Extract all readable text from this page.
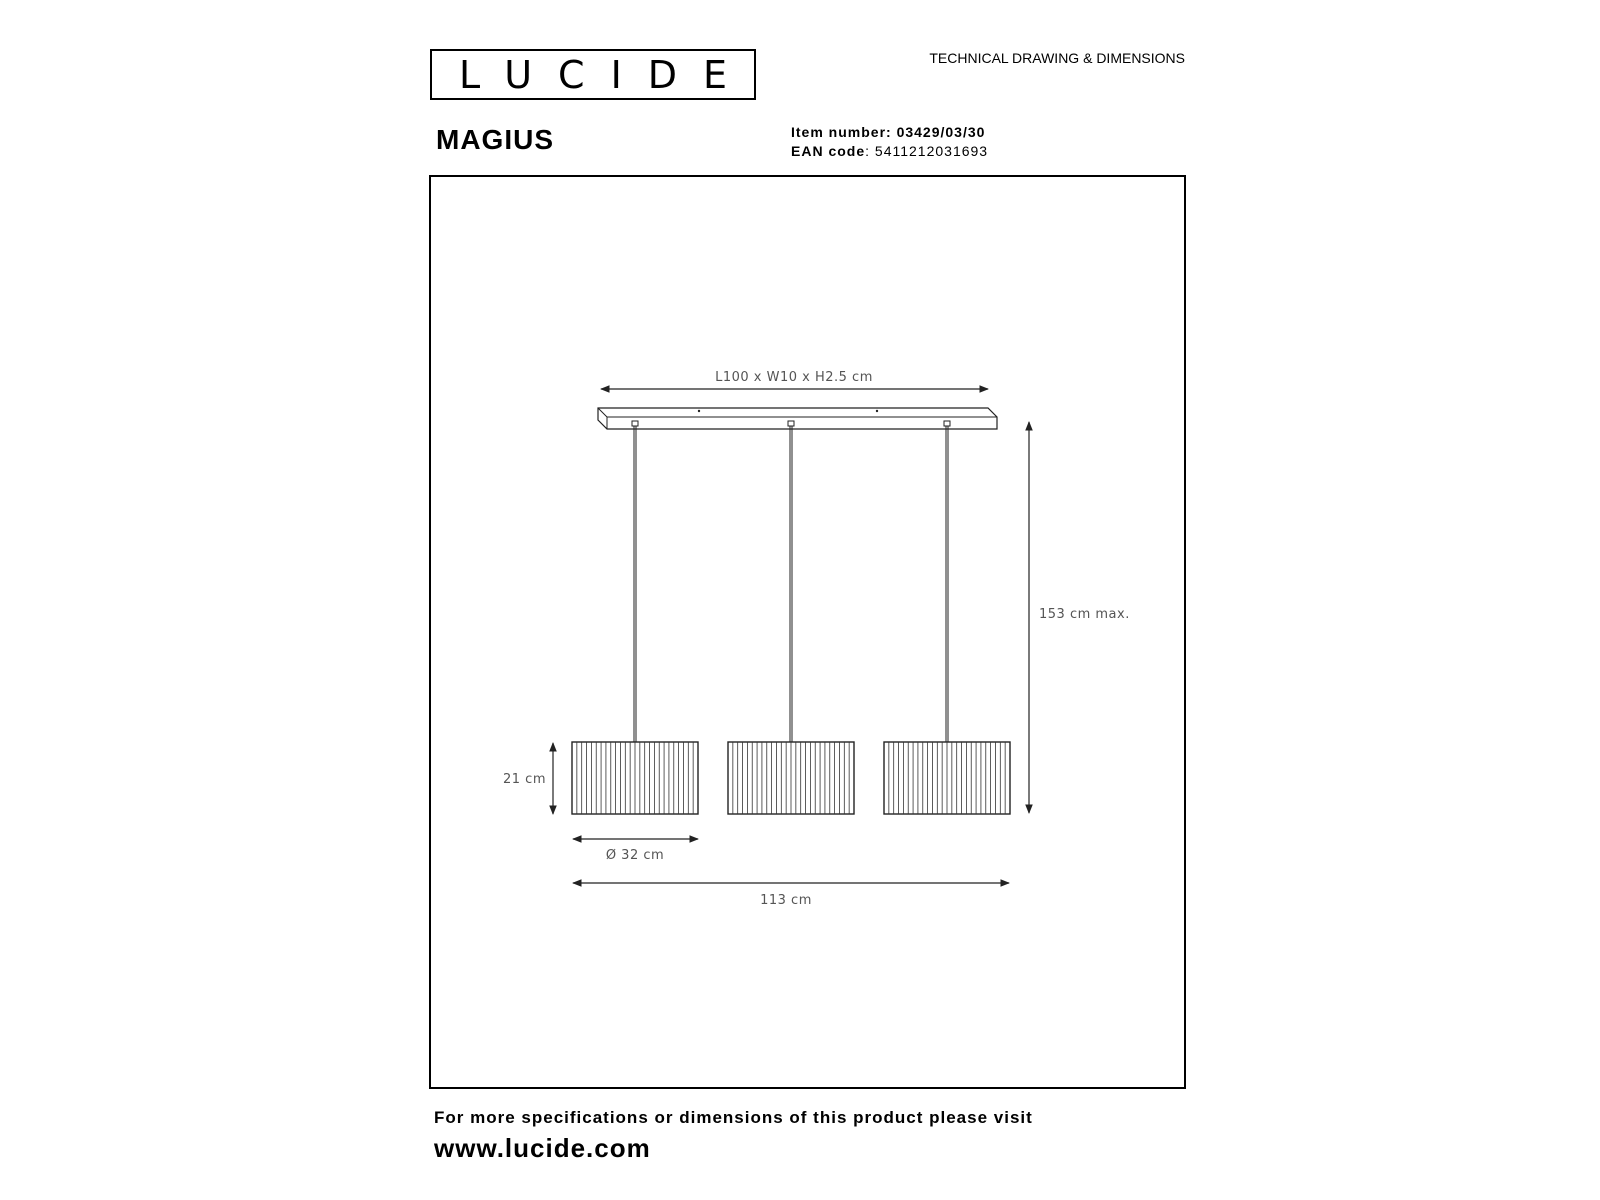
LUCIDE	TECHNICAL DRAWING & DIMENSIONS
MAGIUS	Item number: 03429/03/30
EAN code: 5411212031693
L100 x W10 x H2.5 cm
153 cm max.
21 cm
Ø 32 cm
113 cm
For more specifications or dimensions of this product please visit
www.lucide.com
